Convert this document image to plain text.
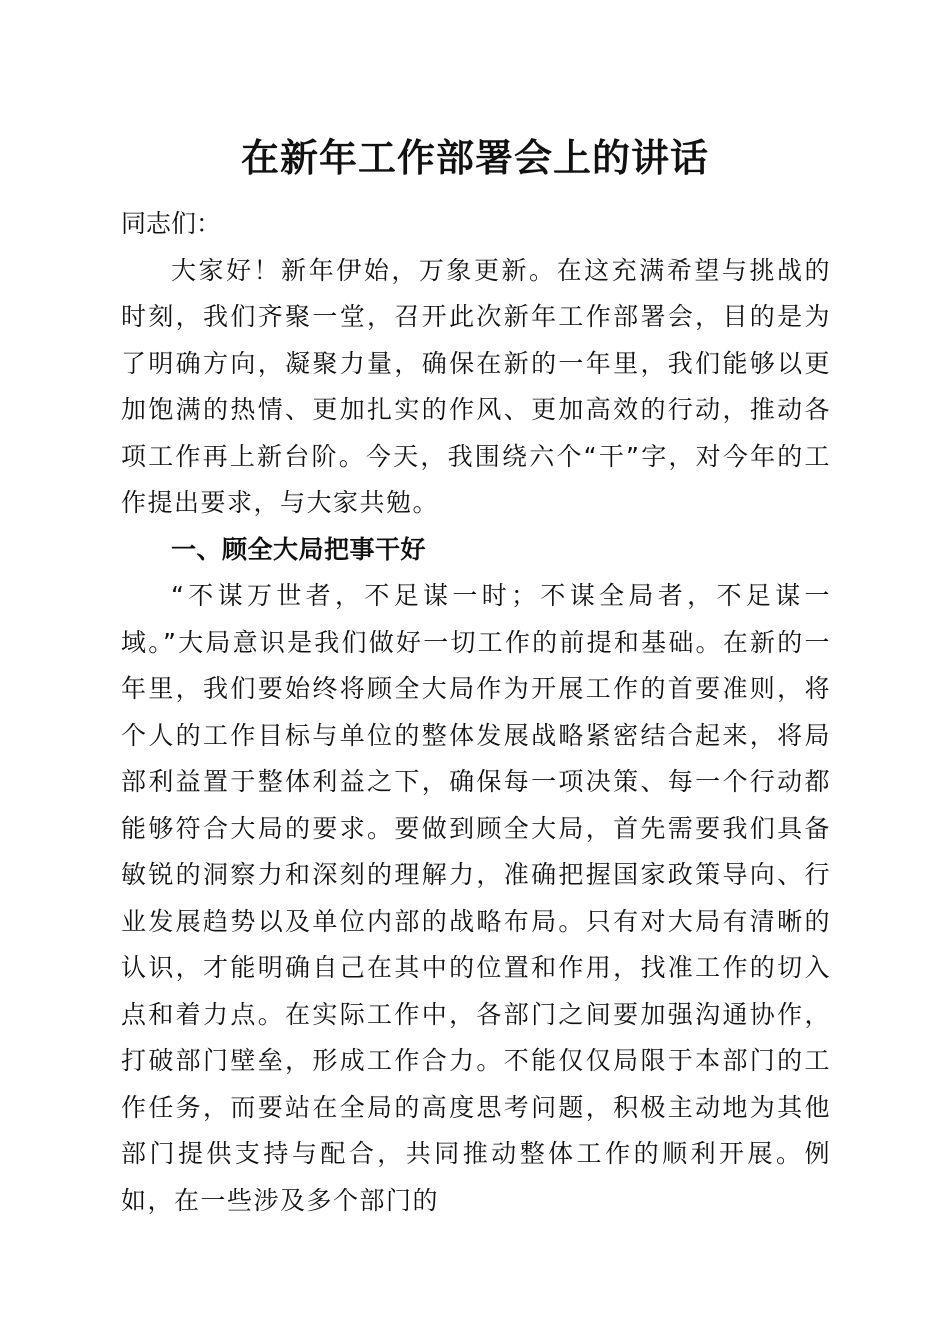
在新年工作部署会上的讲话

同志们：

大家好！新年伊始，万象更新。在这充满希望与挑战的时刻，我们齐聚一堂，召开此次新年工作部署会，目的是为了明确方向，凝聚力量，确保在新的一年里，我们能够以更加饱满的热情、更加扎实的作风、更加高效的行动，推动各项工作再上新台阶。今天，我围绕六个“干”字，对今年的工作提出要求，与大家共勉。

一、顾全大局把事干好

“不谋万世者，不足谋一时；不谋全局者，不足谋一域。”大局意识是我们做好一切工作的前提和基础。在新的一年里，我们要始终将顾全大局作为开展工作的首要准则，将个人的工作目标与单位的整体发展战略紧密结合起来，将局部利益置于整体利益之下，确保每一项决策、每一个行动都能够符合大局的要求。要做到顾全大局，首先需要我们具备敏锐的洞察力和深刻的理解力，准确把握国家政策导向、行业发展趋势以及单位内部的战略布局。只有对大局有清晰的认识，才能明确自己在其中的位置和作用，找准工作的切入点和着力点。在实际工作中，各部门之间要加强沟通协作，打破部门壁垒，形成工作合力。不能仅仅局限于本部门的工作任务，而要站在全局的高度思考问题，积极主动地为其他部门提供支持与配合，共同推动整体工作的顺利开展。例如，在一些涉及多个部门的
